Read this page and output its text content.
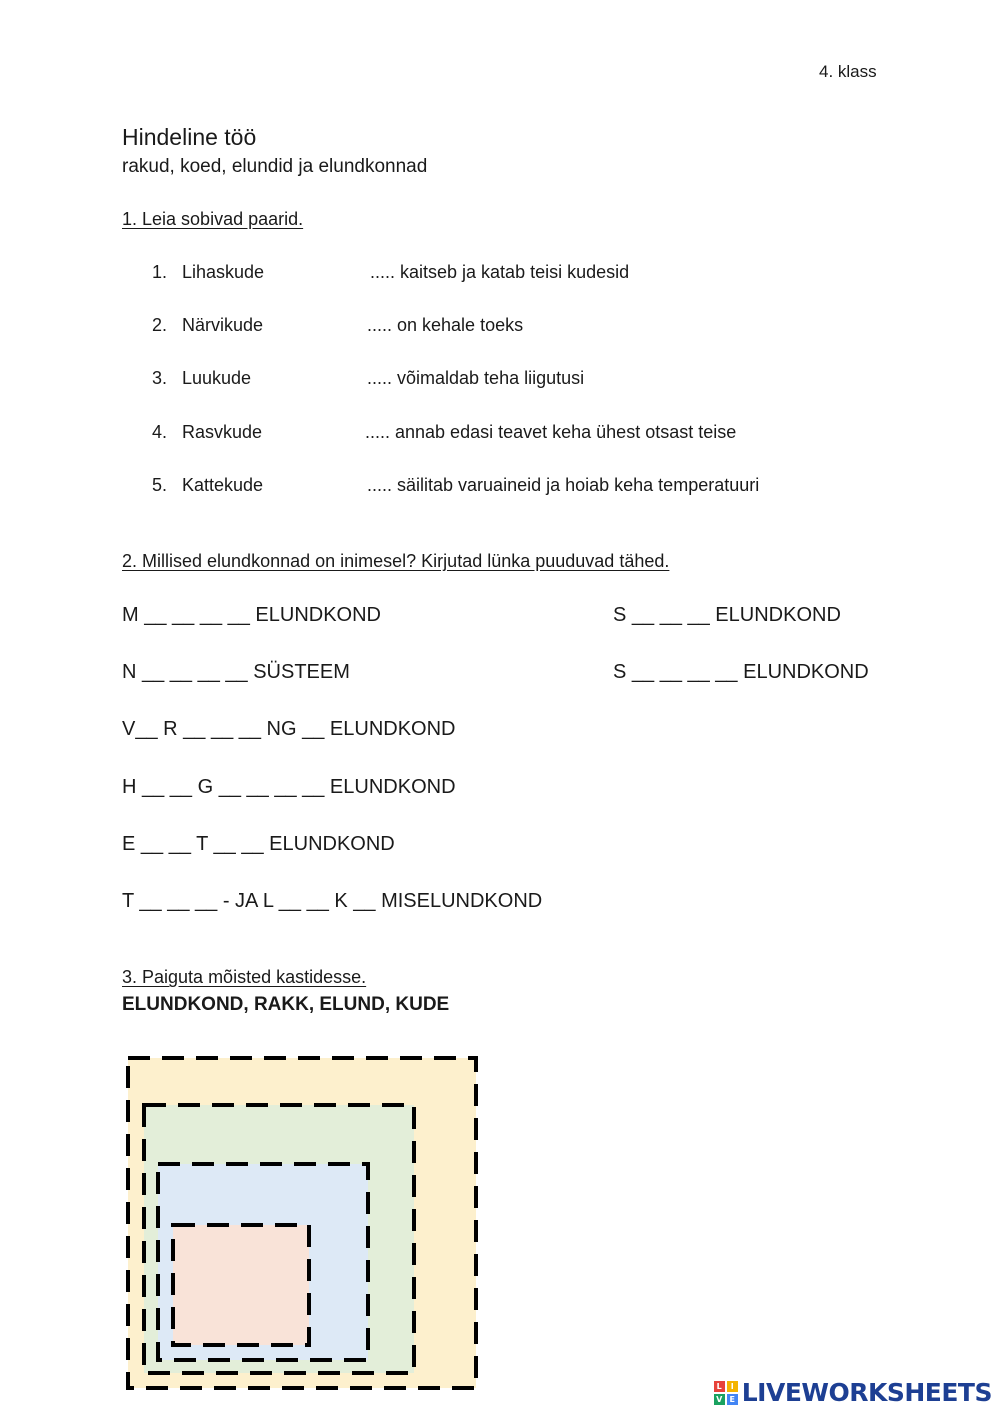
4. klass
Hindeline töö
rakud, koed, elundid ja elundkonnad
1. Leia sobivad paarid.
1. Lihaskude	..... kaitseb ja katab teisi kudesid
2. Närvikude	..... on kehale toeks
3. Luukude	..... võimaldab teha liigutusi
4. Rasvkude	..... annab edasi teavet keha ühest otsast teise
5. Kattekude	..... säilitab varuaineid ja hoiab keha temperatuuri
2. Millised elundkonnad on inimesel? Kirjutad lünka puuduvad tähed.
M __ __ __ __ ELUNDKOND
N __ __ __ __ SÜSTEEM
V__ R __ __ __ NG __ ELUNDKOND
H __ __ G __ __ __ __ ELUNDKOND
E __ __ T __ __ ELUNDKOND
T __ __ __ - JA L __ __ K __ MISELUNDKOND
S __ __ __ ELUNDKOND
S __ __ __ __ ELUNDKOND
3. Paiguta mõisted kastidesse.
ELUNDKOND, RAKK, ELUND, KUDE
L	I
V E LIVEWORKSHEETS
